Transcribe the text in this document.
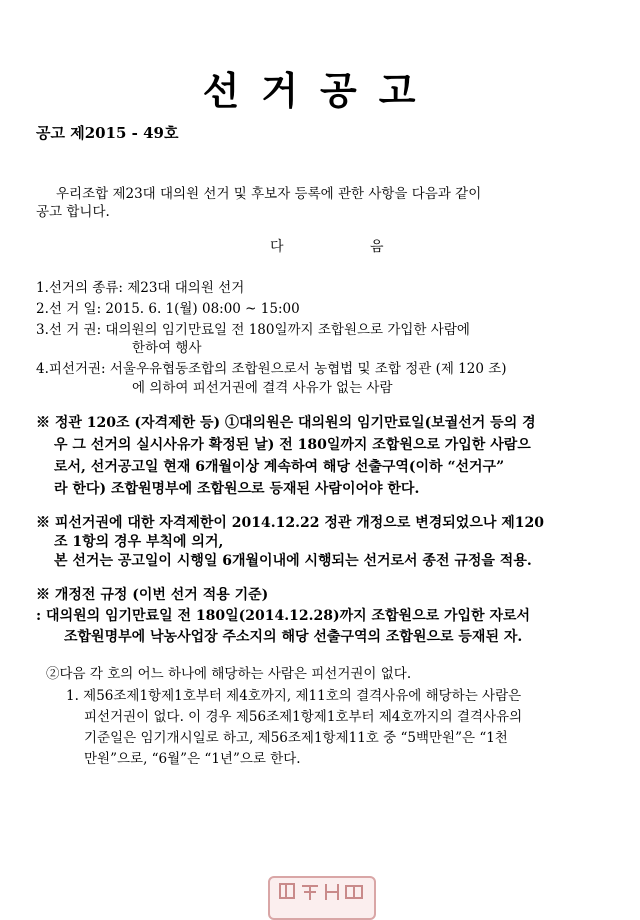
선거공고
공고 제2015 - 49호
우리조합 제23대 대의원 선거 및 후보자 등록에 관한 사항을 다음과 같이
공고 합니다.
다	음
1.선거의 종류: 제23대 대의원 선거
2.선 거 일: 2015. 6. 1(월) 08:00 ~ 15:00
3.선 거 권: 대의원의 임기만료일 전 180일까지 조합원으로 가입한 사람에
한하여 행사
4.피선거권: 서울우유협동조합의 조합원으로서 농협법 및 조합 정관 (제 120 조)
에 의하여 피선거권에 결격 사유가 없는 사람
※ 정관 120조 (자격제한 등) ①대의원은 대의원의 임기만료일(보궐선거 등의 경
우 그 선거의 실시사유가 확정된 날) 전 180일까지 조합원으로 가입한 사람으
로서, 선거공고일 현재 6개월이상 계속하여 해당 선출구역(이하 “선거구”
라 한다) 조합원명부에 조합원으로 등재된 사람이어야 한다.
※ 피선거권에 대한 자격제한이 2014.12.22 정관 개정으로 변경되었으나 제120
조 1항의 경우 부칙에 의거,
본 선거는 공고일이 시행일 6개월이내에 시행되는 선거로서 종전 규정을 적용.
※ 개정전 규정 (이번 선거 적용 기준)
: 대의원의 임기만료일 전 180일(2014.12.28)까지 조합원으로 가입한 자로서
조합원명부에 낙농사업장 주소지의 해당 선출구역의 조합원으로 등재된 자.
②다음 각 호의 어느 하나에 해당하는 사람은 피선거권이 없다.
1. 제56조제1항제1호부터 제4호까지, 제11호의 결격사유에 해당하는 사람은
피선거권이 없다. 이 경우 제56조제1항제1호부터 제4호까지의 결격사유의
기준일은 임기개시일로 하고, 제56조제1항제11호 중 “5백만원”은 “1천
만원”으로, “6월”은 “1년”으로 한다.
